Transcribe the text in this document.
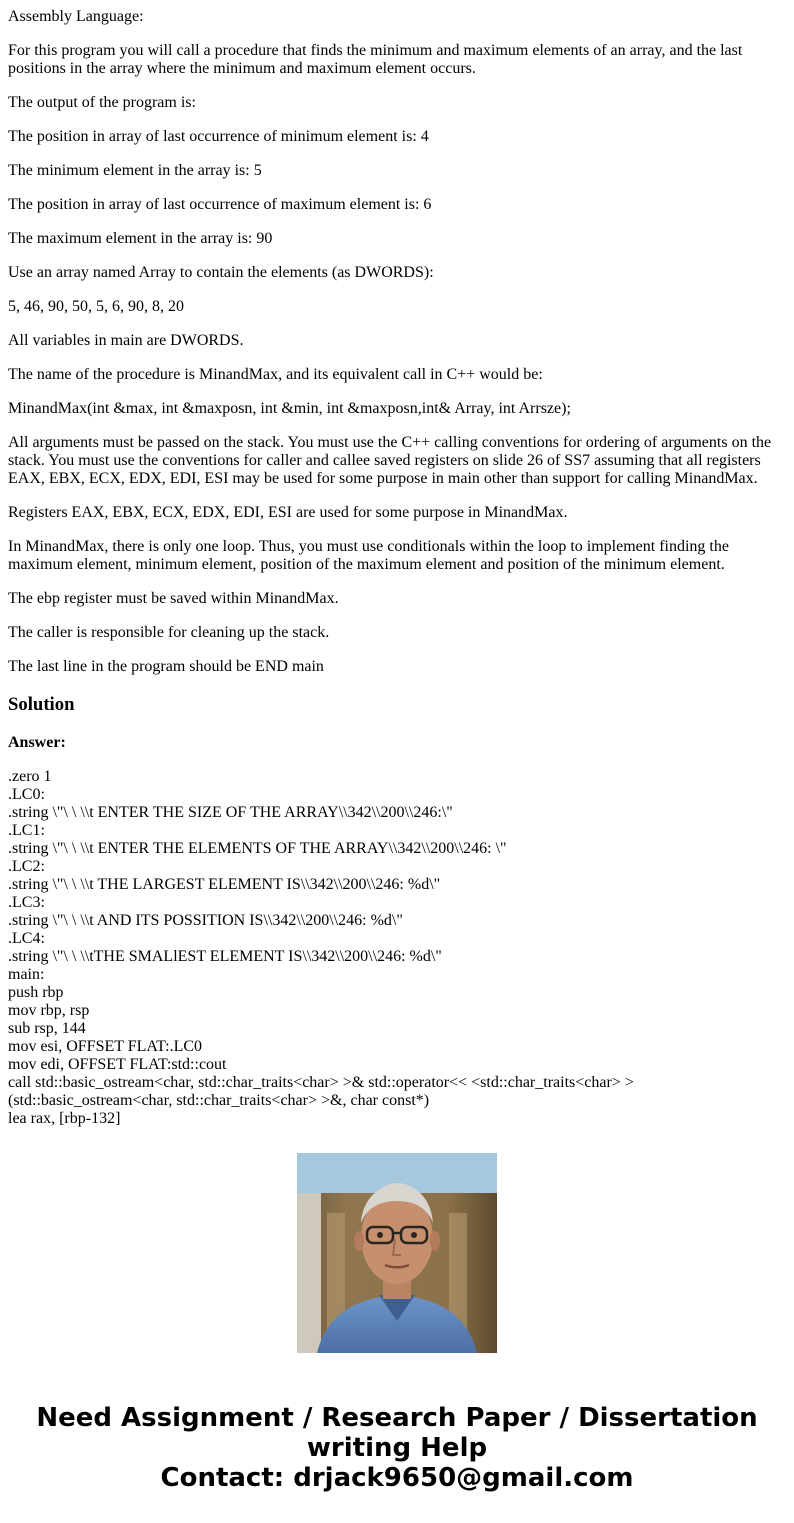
Assembly Language:

For this program you will call a procedure that finds the minimum and maximum elements of an array, and the last positions in the array where the minimum and maximum element occurs.

The output of the program is:

The position in array of last occurrence of minimum element is: 4

The minimum element in the array is: 5

The position in array of last occurrence of maximum element is: 6

The maximum element in the array is: 90

Use an array named Array to contain the elements (as DWORDS):

5, 46, 90, 50, 5, 6, 90, 8, 20

All variables in main are DWORDS.

The name of the procedure is MinandMax, and its equivalent call in C++ would be:

MinandMax(int &max, int &maxposn, int &min, int &maxposn,int& Array, int Arrsze);

All arguments must be passed on the stack. You must use the C++ calling conventions for ordering of arguments on the stack. You must use the conventions for caller and callee saved registers on slide 26 of SS7 assuming that all registers EAX, EBX, ECX, EDX, EDI, ESI may be used for some purpose in main other than support for calling MinandMax.

Registers EAX, EBX, ECX, EDX, EDI, ESI are used for some purpose in MinandMax.

In MinandMax, there is only one loop. Thus, you must use conditionals within the loop to implement finding the maximum element, minimum element, position of the maximum element and position of the minimum element.

The ebp register must be saved within MinandMax.

The caller is responsible for cleaning up the stack.

The last line in the program should be END main

Solution
Answer:
.zero 1
.LC0:
.string \"\ \ \\t ENTER THE SIZE OF THE ARRAY\\342\\200\\246:\"
.LC1:
.string \"\ \ \\t ENTER THE ELEMENTS OF THE ARRAY\\342\\200\\246: \"
.LC2:
.string \"\ \ \\t THE LARGEST ELEMENT IS\\342\\200\\246: %d\"
.LC3:
.string \"\ \ \\t AND ITS POSSITION IS\\342\\200\\246: %d\"
.LC4:
.string \"\ \ \\tTHE SMALlEST ELEMENT IS\\342\\200\\246: %d\"
main:
push rbp
mov rbp, rsp
sub rsp, 144
mov esi, OFFSET FLAT:.LC0
mov edi, OFFSET FLAT:std::cout
call std::basic_ostream<char, std::char_traits<char> >& std::operator<< <std::char_traits<char> >(std::basic_ostream<char, std::char_traits<char> >&, char const*)
lea rax, [rbp-132]
Need Assignment / Research Paper / Dissertation
writing Help
Contact: drjack9650@gmail.com
